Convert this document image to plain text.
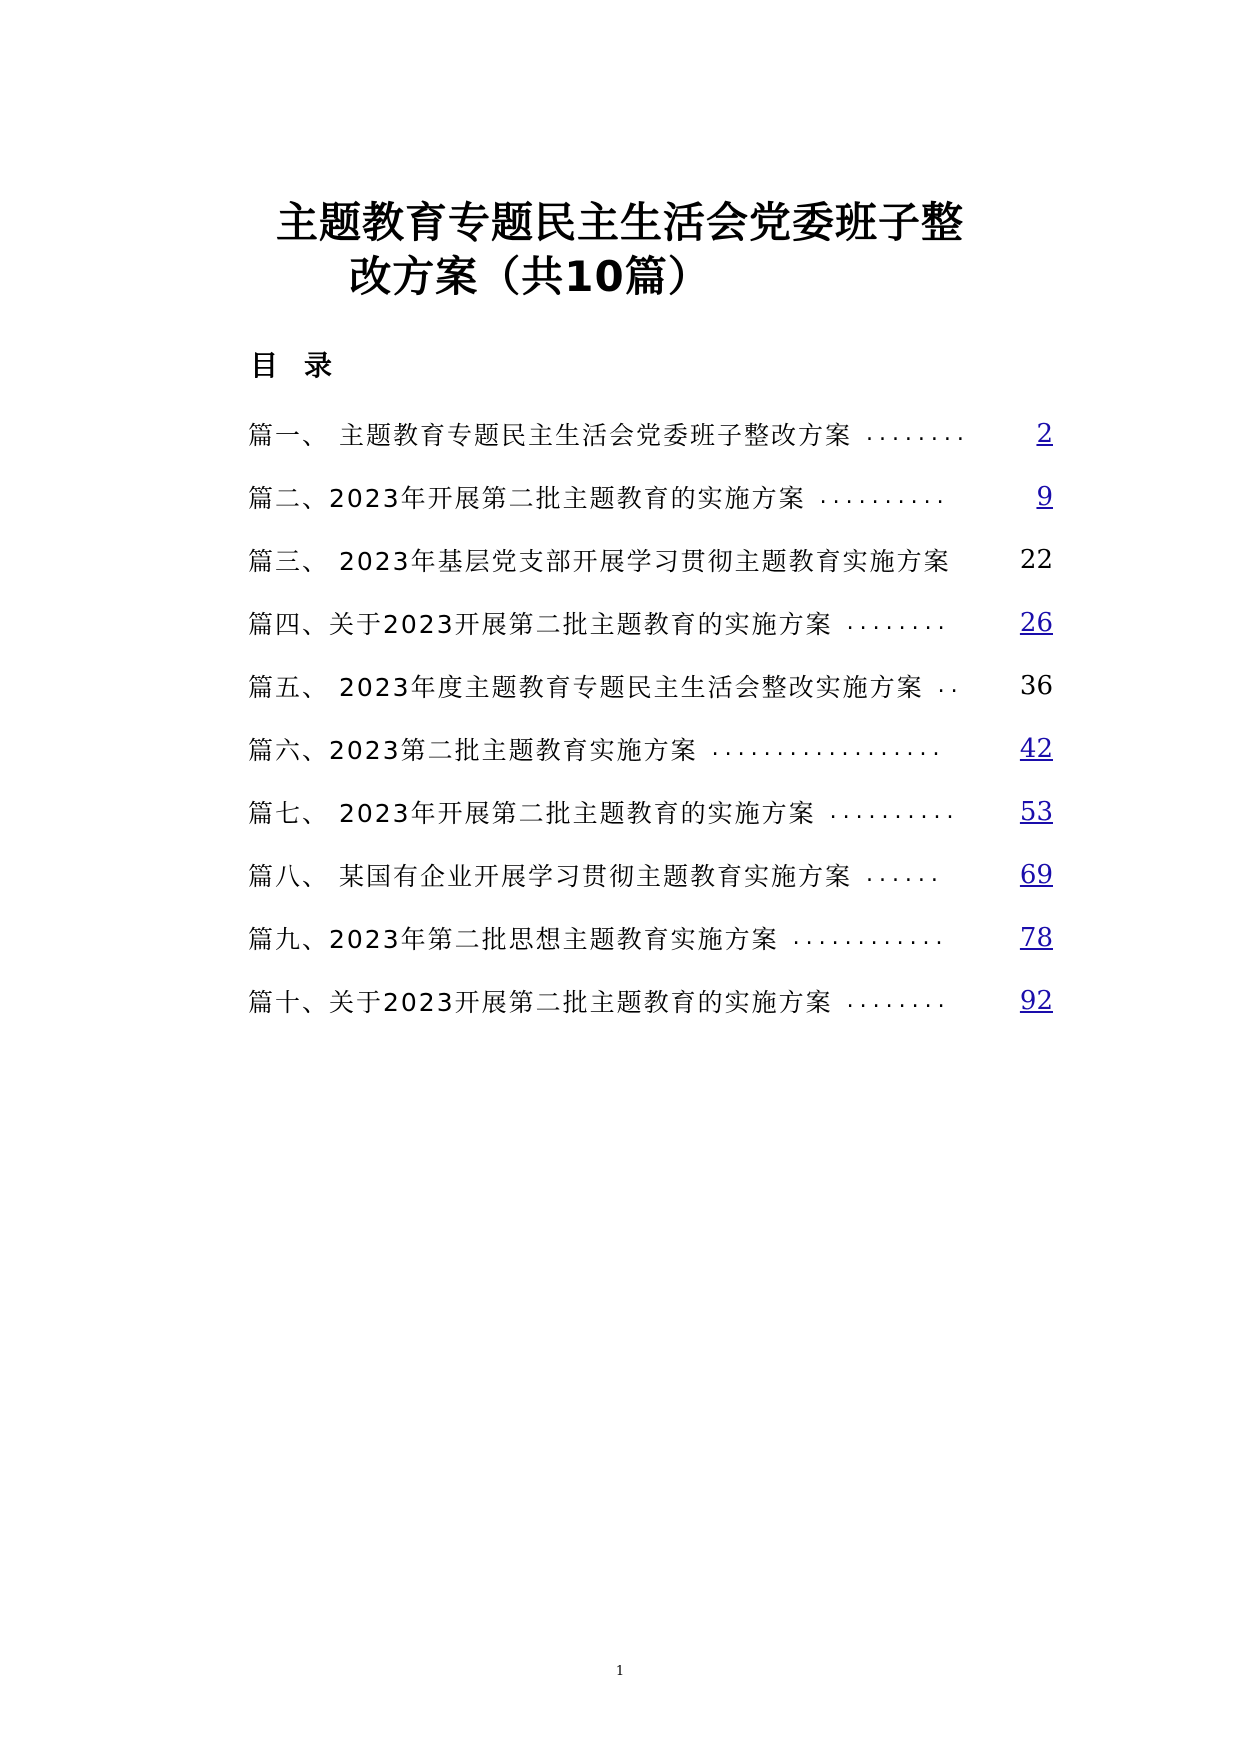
主题教育专题民主生活会党委班子整
改方案（共10篇）
目录
篇一、 主题教育专题民主生活会党委班子整改方案 ........	2
篇二、2023年开展第二批主题教育的实施方案 ..........	9
篇三、 2023年基层党支部开展学习贯彻主题教育实施方案	22
篇四、关于2023开展第二批主题教育的实施方案 ........	26
篇五、 2023年度主题教育专题民主生活会整改实施方案 ..	36
篇六、2023第二批主题教育实施方案 ..................	42
篇七、 2023年开展第二批主题教育的实施方案 ..........	53
篇八、 某国有企业开展学习贯彻主题教育实施方案 ......	69
篇九、2023年第二批思想主题教育实施方案 ............	78
篇十、关于2023开展第二批主题教育的实施方案 ........	92
1
